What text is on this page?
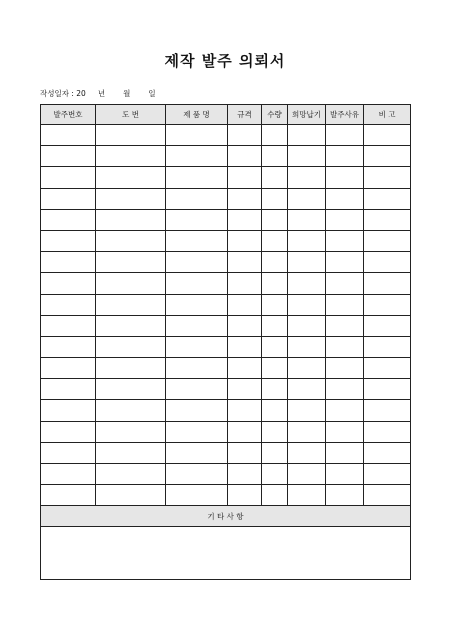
제작 발주 의뢰서
작성일자 : 20 년 월 일
발주번호	도 번	제 품 명	규격	수량	희망납기	발주사유	비 고

기 타 사 항							
